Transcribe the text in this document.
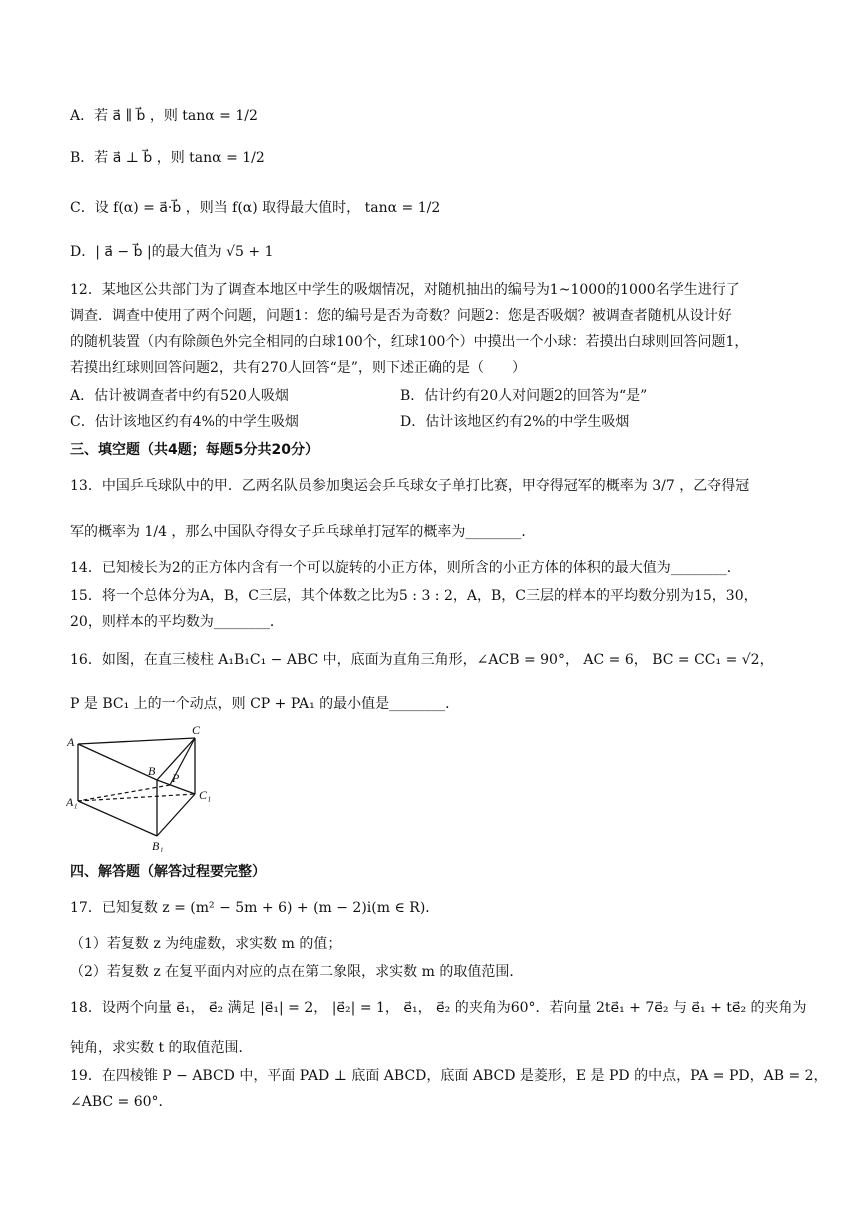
A．若 a⃗ ∥ b⃗ ，则 tanα = 1/2
B．若 a⃗ ⊥ b⃗ ，则 tanα = 1/2
C．设 f(α) = a⃗·b⃗ ，则当 f(α) 取得最大值时， tanα = 1/2
D．| a⃗ − b⃗ |的最大值为 √5 + 1
12．某地区公共部门为了调查本地区中学生的吸烟情况，对随机抽出的编号为1~1000的1000名学生进行了
调查．调查中使用了两个问题，问题1：您的编号是否为奇数？问题2：您是否吸烟？被调查者随机从设计好
的随机装置（内有除颜色外完全相同的白球100个，红球100个）中摸出一个小球：若摸出白球则回答问题1，
若摸出红球则回答问题2，共有270人回答“是”，则下述正确的是（　　）
A．估计被调查者中约有520人吸烟	B．估计约有20人对问题2的回答为“是”
C．估计该地区约有4%的中学生吸烟	D．估计该地区约有2%的中学生吸烟
三、填空题（共4题；每题5分共20分）
13．中国乒乓球队中的甲．乙两名队员参加奥运会乒乓球女子单打比赛，甲夺得冠军的概率为 3/7 ，乙夺得冠
军的概率为 1/4 ，那么中国队夺得女子乒乓球单打冠军的概率为________．
14．已知棱长为2的正方体内含有一个可以旋转的小正方体，则所含的小正方体的体积的最大值为________．
15．将一个总体分为A，B，C三层，其个体数之比为5 : 3 : 2，A，B，C三层的样本的平均数分别为15，30，
20，则样本的平均数为________．
16．如图，在直三棱柱 A₁B₁C₁ − ABC 中，底面为直角三角形，∠ACB = 90°， AC = 6， BC = CC₁ = √2，
P 是 BC₁ 上的一个动点，则 CP + PA₁ 的最小值是________．
A
B
C
P
A₁
B₁
C₁
四、解答题（解答过程要完整）
17．已知复数 z = (m² − 5m + 6) + (m − 2)i(m ∈ R)．
（1）若复数 z 为纯虚数，求实数 m 的值；
（2）若复数 z 在复平面内对应的点在第二象限，求实数 m 的取值范围．
18．设两个向量 e⃗₁， e⃗₂ 满足 |e⃗₁| = 2， |e⃗₂| = 1， e⃗₁， e⃗₂ 的夹角为60°．若向量 2te⃗₁ + 7e⃗₂ 与 e⃗₁ + te⃗₂ 的夹角为
钝角，求实数 t 的取值范围．
19．在四棱锥 P − ABCD 中，平面 PAD ⊥ 底面 ABCD，底面 ABCD 是菱形，E 是 PD 的中点，PA = PD，AB = 2，
∠ABC = 60°．
